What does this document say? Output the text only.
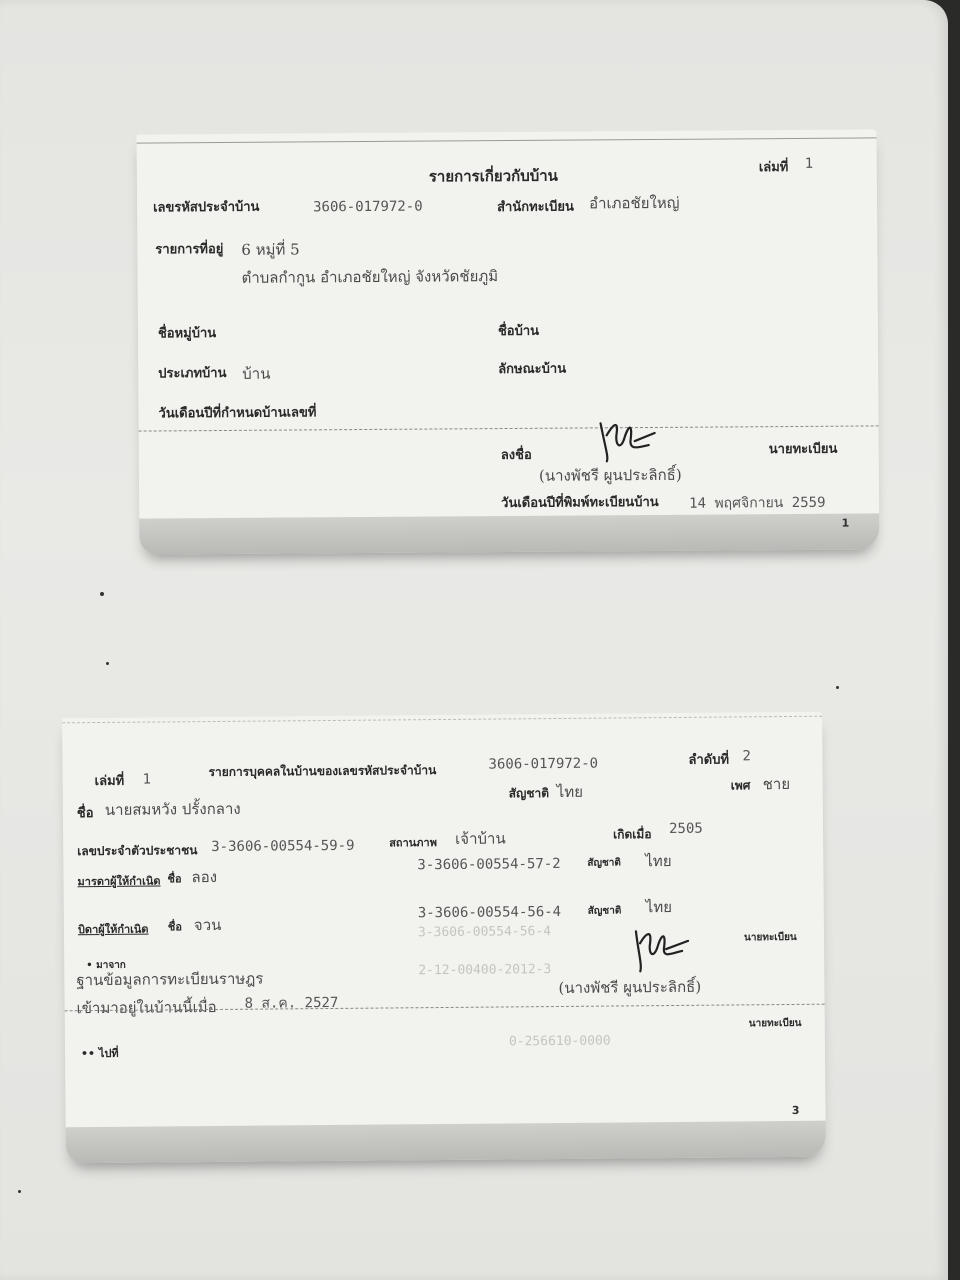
รายการเกี่ยวกับบ้าน	เล่มที่ 1
เลขรหัสประจำบ้าน	3606-017972-0	สำนักทะเบียน อำเภอชัยใหญ่
รายการที่อยู่ 6 หมู่ที่ 5
ตำบลกำกูน อำเภอชัยใหญ่ จังหวัดชัยภูมิ
ชื่อหมู่บ้าน	ชื่อบ้าน
ประเภทบ้าน บ้าน	ลักษณะบ้าน
วันเดือนปีที่กำหนดบ้านเลขที่
ลงชื่อ	นายทะเบียน
(นางพัชรี ผูนประลิกธิ์)
วันเดือนปีที่พิมพ์ทะเบียนบ้าน 14 พฤศจิกายน 2559
1
เล่มที่ 1
รายการบุคคลในบ้านของเลขรหัสประจำบ้าน	3606-017972-0	ลำดับที่ 2
ชื่อ นายสมหวัง ปรั้งกลาง
สัญชาติ ไทย	เพศ ชาย
เลขประจำตัวประชาชน 3-3606-00554-59-9	สถานภาพ เจ้าบ้าน	เกิดเมื่อ 2505
มารดาผู้ให้กำเนิด ชื่อ ลอง
3-3606-00554-57-2	สัญชาติ ไทย
บิดาผู้ให้กำเนิด ชื่อ จวน
3-3606-00554-56-4	สัญชาติ ไทย
3-3606-00554-56-4
2-12-00400-2012-3
0-256610-0000
นายทะเบียน
• มาจาก
ฐานข้อมูลการทะเบียนราษฎร	(นางพัชรี ผูนประลิกธิ์)
เข้ามาอยู่ในบ้านนี้เมื่อ 8 ส.ค. 2527
นายทะเบียน
•• ไปที่
3
